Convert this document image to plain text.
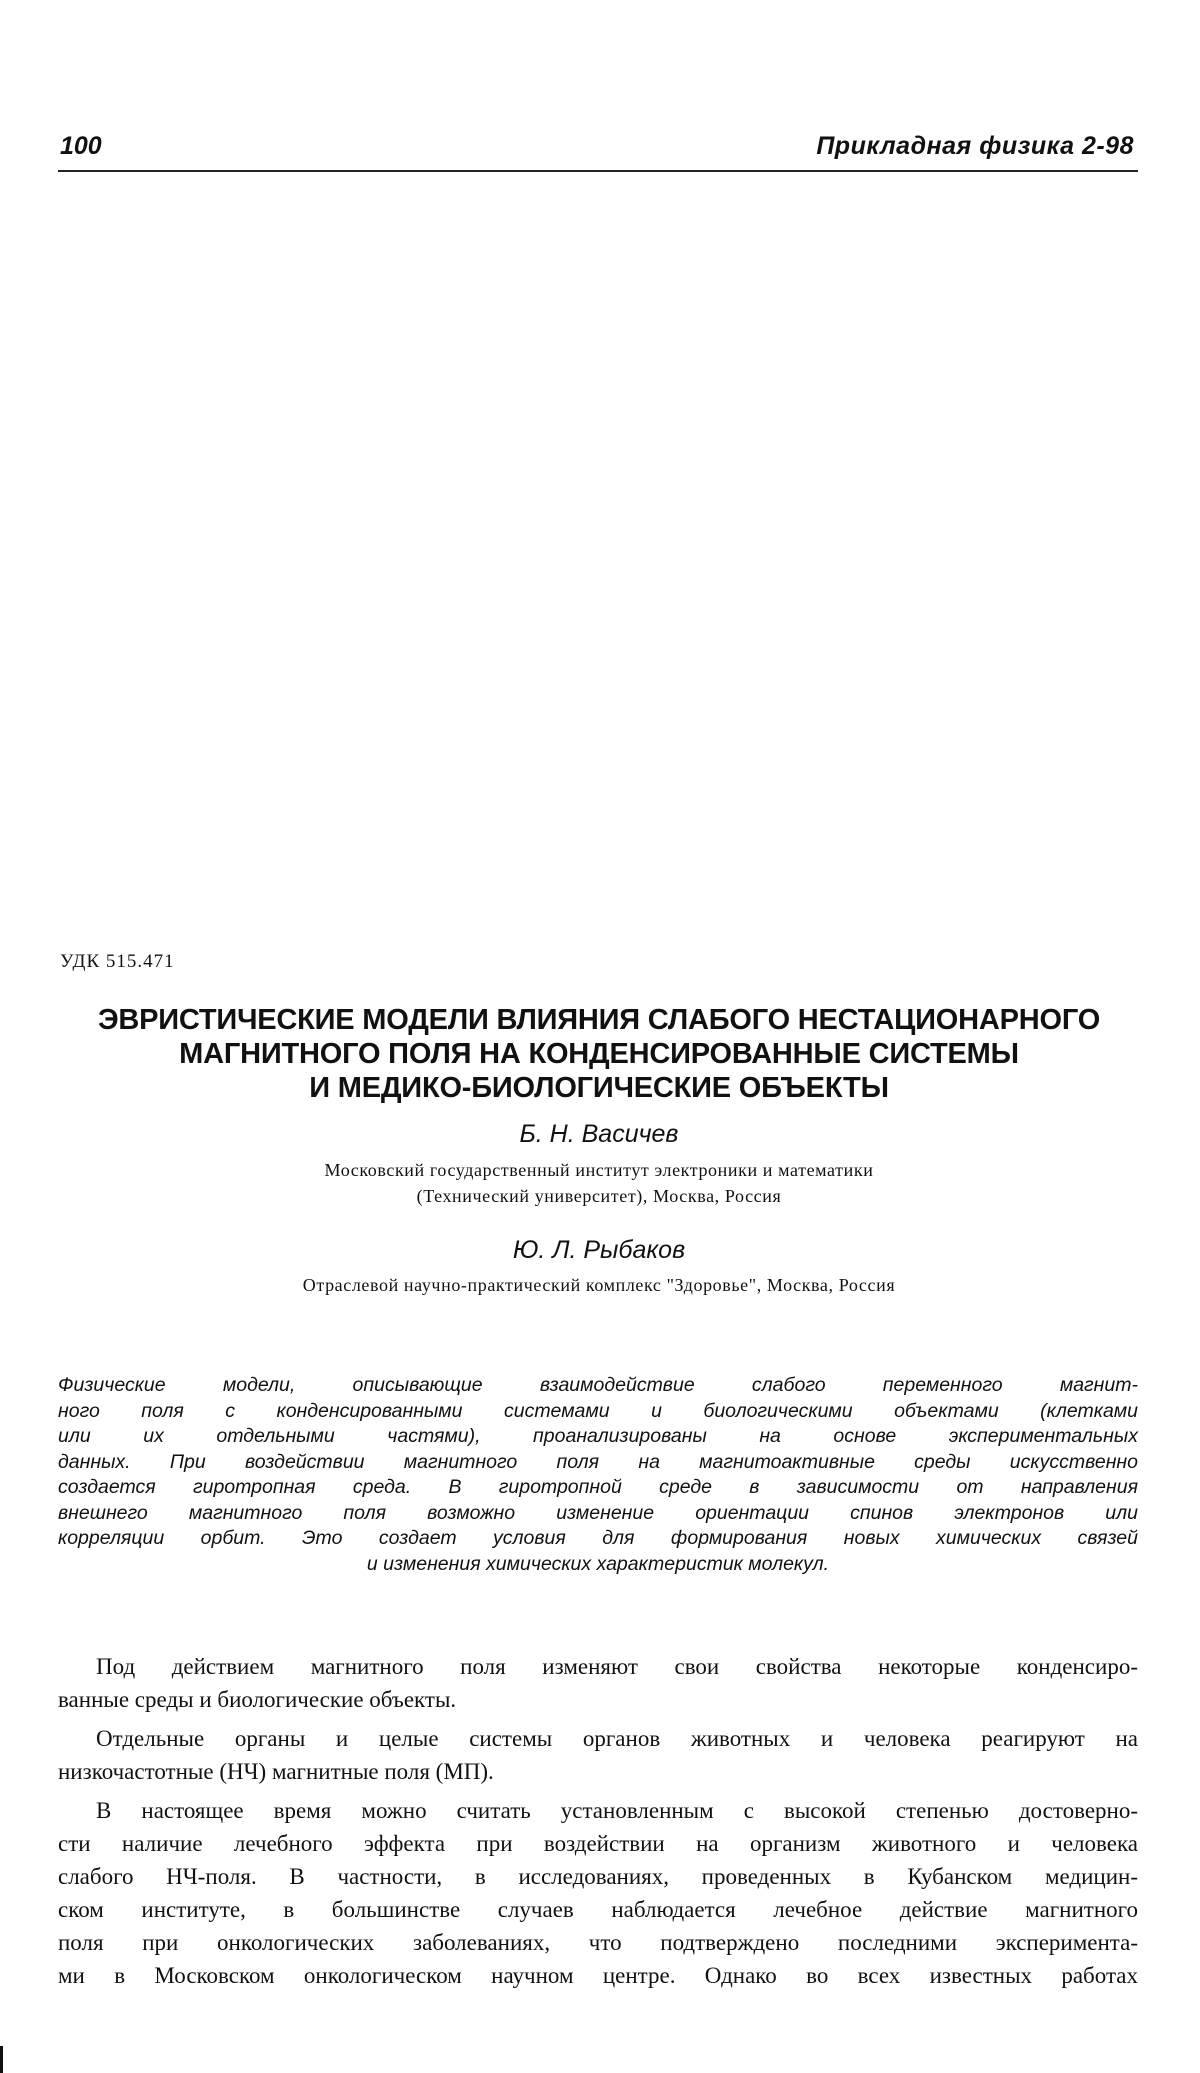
100	Прикладная физика 2-98
УДК 515.471
ЭВРИСТИЧЕСКИЕ МОДЕЛИ ВЛИЯНИЯ СЛАБОГО НЕСТАЦИОНАРНОГО
МАГНИТНОГО ПОЛЯ НА КОНДЕНСИРОВАННЫЕ СИСТЕМЫ
И МЕДИКО-БИОЛОГИЧЕСКИЕ ОБЪЕКТЫ
Б. Н. Васичев
Московский государственный институт электроники и математики
(Технический университет), Москва, Россия
Ю. Л. Рыбаков
Отраслевой научно-практический комплекс "Здоровье", Москва, Россия
Физические модели, описывающие взаимодействие слабого переменного магнит-
ного поля с конденсированными системами и биологическими объектами (клетками
или их отдельными частями), проанализированы на основе экспериментальных
данных. При воздействии магнитного поля на магнитоактивные среды искусственно
создается гиротропная среда. В гиротропной среде в зависимости от направления
внешнего магнитного поля возможно изменение ориентации спинов электронов или
корреляции орбит. Это создает условия для формирования новых химических связей
и изменения химических характеристик молекул.
Под действием магнитного поля изменяют свои свойства некоторые конденсиро-
ванные среды и биологические объекты.
Отдельные органы и целые системы органов животных и человека реагируют на
низкочастотные (НЧ) магнитные поля (МП).
В настоящее время можно считать установленным с высокой степенью достоверно-
сти наличие лечебного эффекта при воздействии на организм животного и человека
слабого НЧ-поля. В частности, в исследованиях, проведенных в Кубанском медицин-
ском институте, в большинстве случаев наблюдается лечебное действие магнитного
поля при онкологических заболеваниях, что подтверждено последними эксперимента-
ми в Московском онкологическом научном центре. Однако во всех известных работах
